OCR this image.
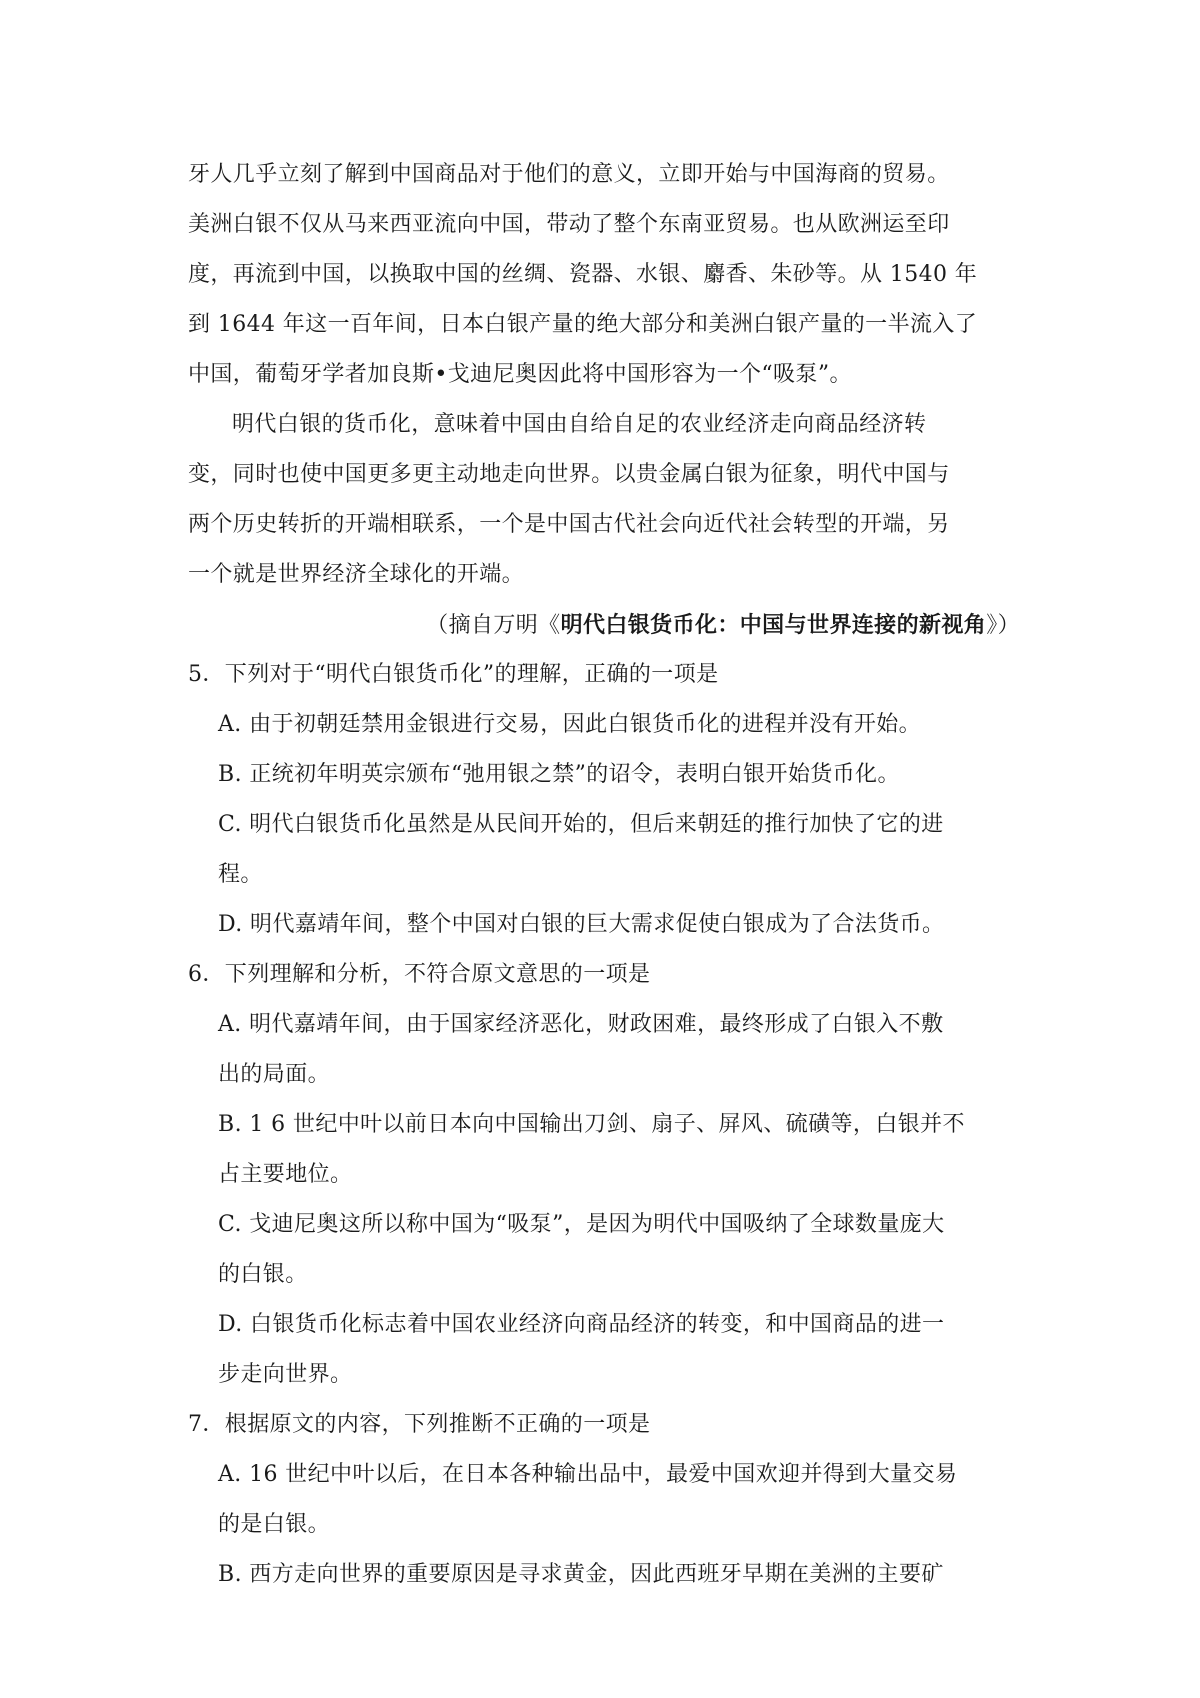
牙人几乎立刻了解到中国商品对于他们的意义，立即开始与中国海商的贸易。
美洲白银不仅从马来西亚流向中国，带动了整个东南亚贸易。也从欧洲运至印
度，再流到中国，以换取中国的丝绸、瓷器、水银、麝香、朱砂等。从 1540 年
到 1644 年这一百年间，日本白银产量的绝大部分和美洲白银产量的一半流入了
中国，葡萄牙学者加良斯•戈迪尼奥因此将中国形容为一个“吸泵”。
明代白银的货币化，意味着中国由自给自足的农业经济走向商品经济转
变，同时也使中国更多更主动地走向世界。以贵金属白银为征象，明代中国与
两个历史转折的开端相联系，一个是中国古代社会向近代社会转型的开端，另
一个就是世界经济全球化的开端。
（摘自万明《明代白银货币化：中国与世界连接的新视角》）
5．下列对于“明代白银货币化”的理解，正确的一项是
A. 由于初朝廷禁用金银进行交易，因此白银货币化的进程并没有开始。
B. 正统初年明英宗颁布“弛用银之禁”的诏令，表明白银开始货币化。
C. 明代白银货币化虽然是从民间开始的，但后来朝廷的推行加快了它的进
程。
D. 明代嘉靖年间，整个中国对白银的巨大需求促使白银成为了合法货币。
6．下列理解和分析，不符合原文意思的一项是
A. 明代嘉靖年间，由于国家经济恶化，财政困难，最终形成了白银入不敷
出的局面。
B. 1 6 世纪中叶以前日本向中国输出刀剑、扇子、屏风、硫磺等，白银并不
占主要地位。
C. 戈迪尼奥这所以称中国为“吸泵”，是因为明代中国吸纳了全球数量庞大
的白银。
D. 白银货币化标志着中国农业经济向商品经济的转变，和中国商品的进一
步走向世界。
7．根据原文的内容，下列推断不正确的一项是
A. 16 世纪中叶以后，在日本各种输出品中，最爱中国欢迎并得到大量交易
的是白银。
B. 西方走向世界的重要原因是寻求黄金，因此西班牙早期在美洲的主要矿
